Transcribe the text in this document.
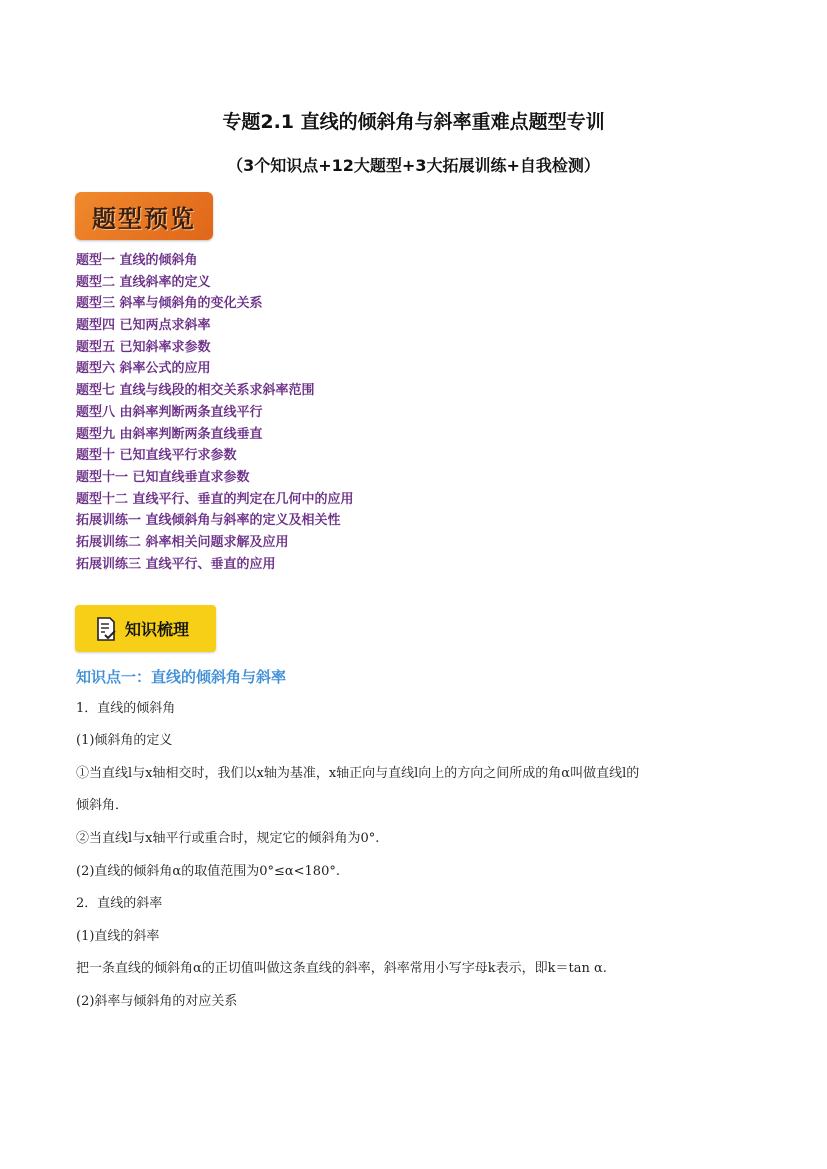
专题2.1 直线的倾斜角与斜率重难点题型专训
（3个知识点+12大题型+3大拓展训练+自我检测）
题型预览
题型一 直线的倾斜角
题型二 直线斜率的定义
题型三 斜率与倾斜角的变化关系
题型四 已知两点求斜率
题型五 已知斜率求参数
题型六 斜率公式的应用
题型七 直线与线段的相交关系求斜率范围
题型八 由斜率判断两条直线平行
题型九 由斜率判断两条直线垂直
题型十 已知直线平行求参数
题型十一 已知直线垂直求参数
题型十二 直线平行、垂直的判定在几何中的应用
拓展训练一 直线倾斜角与斜率的定义及相关性
拓展训练二 斜率相关问题求解及应用
拓展训练三 直线平行、垂直的应用
知识梳理
知识点一：直线的倾斜角与斜率
1．直线的倾斜角
(1)倾斜角的定义
①当直线l与x轴相交时，我们以x轴为基准，x轴正向与直线l向上的方向之间所成的角α叫做直线l的
倾斜角．
②当直线l与x轴平行或重合时，规定它的倾斜角为0°.
(2)直线的倾斜角α的取值范围为0°≤α<180°.
2．直线的斜率
(1)直线的斜率
把一条直线的倾斜角α的正切值叫做这条直线的斜率，斜率常用小写字母k表示，即k＝tan α.
(2)斜率与倾斜角的对应关系
